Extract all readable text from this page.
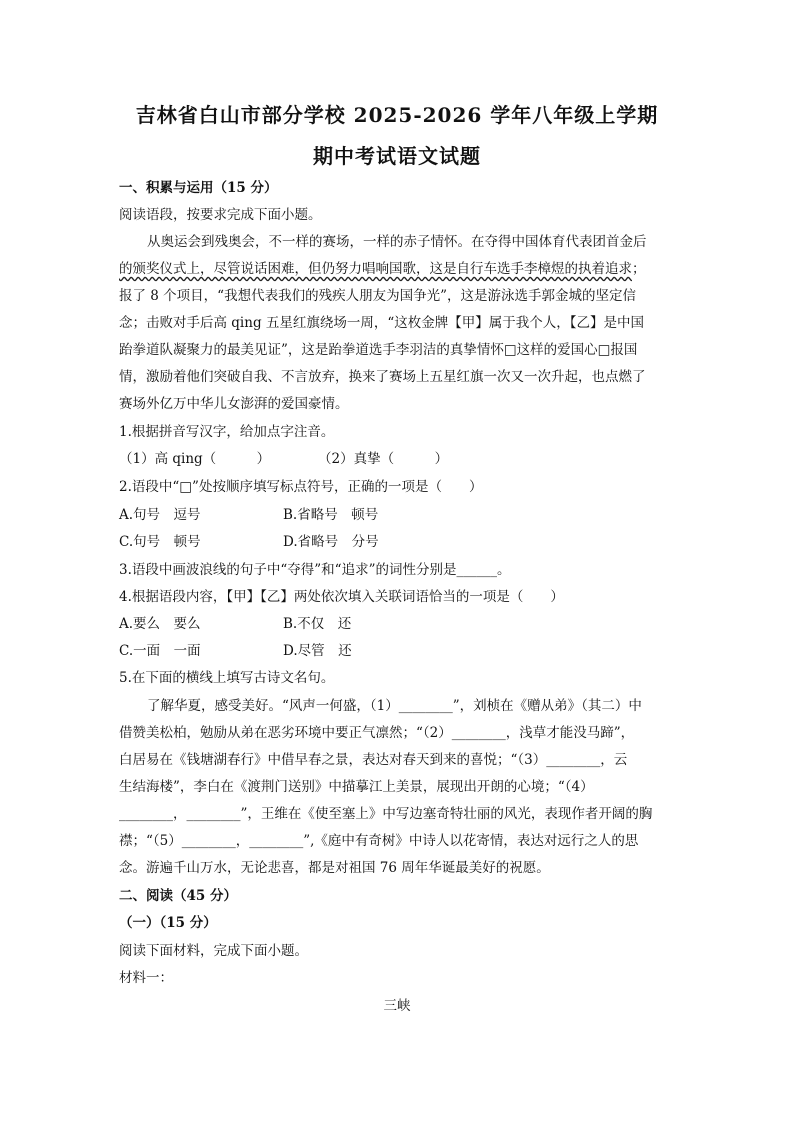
吉林省白山市部分学校 2025-2026 学年八年级上学期
期中考试语文试题
一、积累与运用（15 分）
阅读语段，按要求完成下面小题。
从奥运会到残奥会，不一样的赛场，一样的赤子情怀。在夺得中国体育代表团首金后
的颁奖仪式上，尽管说话困难，但仍努力唱响国歌，这是自行车选手李樟煜的执着追求；
报了 8 个项目，“我想代表我们的残疾人朋友为国争光”，这是游泳选手郭金城的坚定信
念；击败对手后高 qing 五星红旗绕场一周，“这枚金牌【甲】属于我个人，【乙】是中国
跆拳道队凝聚力的最美见证”，这是跆拳道选手李羽洁的真挚情怀□这样的爱国心□报国
情，激励着他们突破自我、不言放弃，换来了赛场上五星红旗一次又一次升起，也点燃了
赛场外亿万中华儿女澎湃的爱国豪情。
1.根据拼音写汉字，给加点字注音。
（1）高 qing（　　　）	（2）真挚（　　　）
2.语段中“□”处按顺序填写标点符号，正确的一项是（　　）
A.句号　逗号	B.省略号　顿号
C.句号　顿号	D.省略号　分号
3.语段中画波浪线的句子中“夺得”和“追求”的词性分别是______。
4.根据语段内容，【甲】【乙】两处依次填入关联词语恰当的一项是（　　）
A.要么　要么	B.不仅　还
C.一面　一面	D.尽管　还
5.在下面的横线上填写古诗文名句。
了解华夏，感受美好。“风声一何盛，（1）________”，刘桢在《赠从弟》（其二）中
借赞美松柏，勉励从弟在恶劣环境中要正气凛然；“（2）________，浅草才能没马蹄”，
白居易在《钱塘湖春行》中借早春之景，表达对春天到来的喜悦；“（3）________，云
生结海楼”，李白在《渡荆门送别》中描摹江上美景，展现出开朗的心境；“（4）
________，________”，王维在《使至塞上》中写边塞奇特壮丽的风光，表现作者开阔的胸
襟；“（5）________，________”,《庭中有奇树》中诗人以花寄情，表达对远行之人的思
念。游遍千山万水，无论悲喜，都是对祖国 76 周年华诞最美好的祝愿。
二、阅读（45 分）
（一）（15 分）
阅读下面材料，完成下面小题。
材料一：
三峡
